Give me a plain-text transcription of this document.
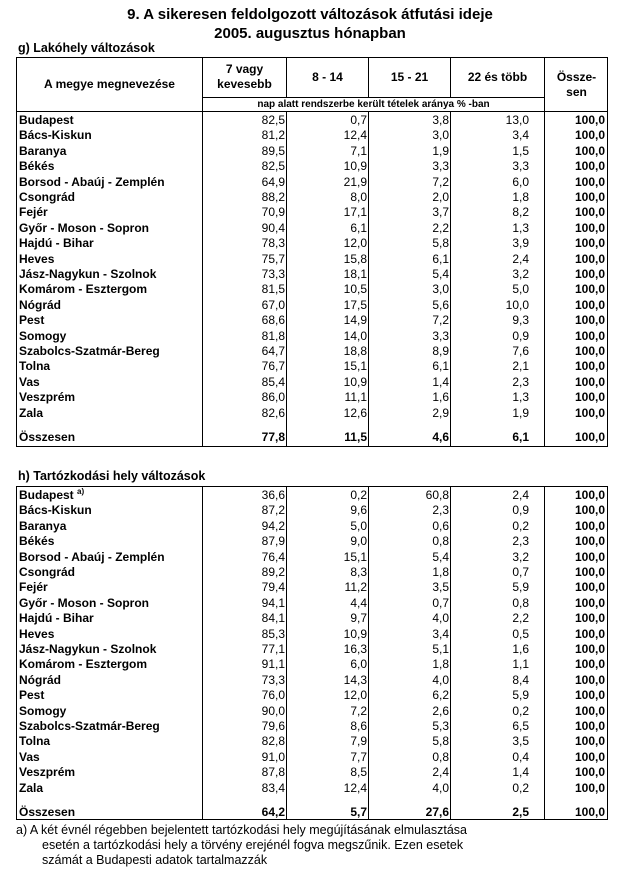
9. A sikeresen feldolgozott változások átfutási ideje
2005. augusztus hónapban
g) Lakóhely változások
A megye megnevezése
7 vagy kevesebb
8 - 14	15 - 21	22 és több	Össze-sen
nap alatt rendszerbe került tételek aránya % -ban
Budapest	82,5	0,7	3,8	13,0	100,0
Bács-Kiskun	81,2	12,4	3,0	3,4	100,0
Baranya	89,5	7,1	1,9	1,5	100,0
Békés	82,5	10,9	3,3	3,3	100,0
Borsod - Abaúj - Zemplén	64,9	21,9	7,2	6,0	100,0
Csongrád	88,2	8,0	2,0	1,8	100,0
Fejér	70,9	17,1	3,7	8,2	100,0
Győr - Moson - Sopron	90,4	6,1	2,2	1,3	100,0
Hajdú - Bihar	78,3	12,0	5,8	3,9	100,0
Heves	75,7	15,8	6,1	2,4	100,0
Jász-Nagykun - Szolnok	73,3	18,1	5,4	3,2	100,0
Komárom - Esztergom	81,5	10,5	3,0	5,0	100,0
Nógrád	67,0	17,5	5,6	10,0	100,0
Pest	68,6	14,9	7,2	9,3	100,0
Somogy	81,8	14,0	3,3	0,9	100,0
Szabolcs-Szatmár-Bereg	64,7	18,8	8,9	7,6	100,0
Tolna	76,7	15,1	6,1	2,1	100,0
Vas	85,4	10,9	1,4	2,3	100,0
Veszprém	86,0	11,1	1,6	1,3	100,0
Zala	82,6	12,6	2,9	1,9	100,0
Összesen	77,8	11,5	4,6	6,1	100,0
h) Tartózkodási hely változások
Budapest $^{a)}$	36,6	0,2	60,8	2,4	100,0
Bács-Kiskun	87,2	9,6	2,3	0,9	100,0
Baranya	94,2	5,0	0,6	0,2	100,0
Békés	87,9	9,0	0,8	2,3	100,0
Borsod - Abaúj - Zemplén	76,4	15,1	5,4	3,2	100,0
Csongrád	89,2	8,3	1,8	0,7	100,0
Fejér	79,4	11,2	3,5	5,9	100,0
Győr - Moson - Sopron	94,1	4,4	0,7	0,8	100,0
Hajdú - Bihar	84,1	9,7	4,0	2,2	100,0
Heves	85,3	10,9	3,4	0,5	100,0
Jász-Nagykun - Szolnok	77,1	16,3	5,1	1,6	100,0
Komárom - Esztergom	91,1	6,0	1,8	1,1	100,0
Nógrád	73,3	14,3	4,0	8,4	100,0
Pest	76,0	12,0	6,2	5,9	100,0
Somogy	90,0	7,2	2,6	0,2	100,0
Szabolcs-Szatmár-Bereg	79,6	8,6	5,3	6,5	100,0
Tolna	82,8	7,9	5,8	3,5	100,0
Vas	91,0	7,7	0,8	0,4	100,0
Veszprém	87,8	8,5	2,4	1,4	100,0
Zala	83,4	12,4	4,0	0,2	100,0
Összesen	64,2	5,7	27,6	2,5	100,0
a) A két évnél régebben bejelentett tartózkodási hely megújításának elmulasztása
esetén a tartózkodási hely a törvény erejénél fogva megszűnik. Ezen esetek
számát a Budapesti adatok tartalmazzák
